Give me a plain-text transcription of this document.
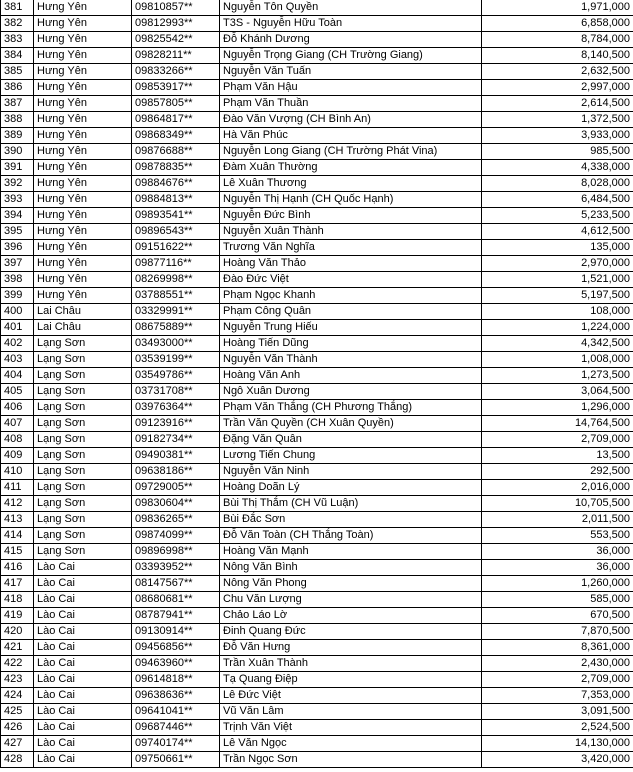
381	Hưng Yên	09810857**	Nguyễn Tôn Quyền	1,971,000
382	Hưng Yên	09812993**	T3S - Nguyễn Hữu Toàn	6,858,000
383	Hưng Yên	09825542**	Đỗ Khánh Dương	8,784,000
384	Hưng Yên	09828211**	Nguyễn Trọng Giang (CH Trường Giang)	8,140,500
385	Hưng Yên	09833266**	Nguyễn Văn Tuấn	2,632,500
386	Hưng Yên	09853917**	Phạm Văn Hậu	2,997,000
387	Hưng Yên	09857805**	Phạm Văn Thuần	2,614,500
388	Hưng Yên	09864817**	Đào Văn Vượng (CH Bình An)	1,372,500
389	Hưng Yên	09868349**	Hà Văn Phúc	3,933,000
390	Hưng Yên	09876688**	Nguyễn Long Giang (CH Trường Phát Vina)	985,500
391	Hưng Yên	09878835**	Đàm Xuân Thường	4,338,000
392	Hưng Yên	09884676**	Lê Xuân Thương	8,028,000
393	Hưng Yên	09884813**	Nguyễn Thị Hạnh (CH Quốc Hạnh)	6,484,500
394	Hưng Yên	09893541**	Nguyễn Đức Bình	5,233,500
395	Hưng Yên	09896543**	Nguyễn Xuân Thành	4,612,500
396	Hưng Yên	09151622**	Trương Văn Nghĩa	135,000
397	Hưng Yên	09877116**	Hoàng Văn Thảo	2,970,000
398	Hưng Yên	08269998**	Đào Đức Việt	1,521,000
399	Hưng Yên	03788551**	Phạm Ngọc Khanh	5,197,500
400	Lai Châu	03329991**	Phạm Công Quân	108,000
401	Lai Châu	08675889**	Nguyễn Trung Hiếu	1,224,000
402	Lạng Sơn	03493000**	Hoàng Tiến Dũng	4,342,500
403	Lạng Sơn	03539199**	Nguyễn Văn Thành	1,008,000
404	Lạng Sơn	03549786**	Hoàng Văn Anh	1,273,500
405	Lạng Sơn	03731708**	Ngô Xuân Dương	3,064,500
406	Lạng Sơn	03976364**	Phạm Văn Thắng (CH Phương Thắng)	1,296,000
407	Lạng Sơn	09123916**	Trần Văn Quyền (CH Xuân Quyền)	14,764,500
408	Lạng Sơn	09182734**	Đặng Văn Quân	2,709,000
409	Lạng Sơn	09490381**	Lương Tiến Chung	13,500
410	Lạng Sơn	09638186**	Nguyễn Văn Ninh	292,500
411	Lạng Sơn	09729005**	Hoàng Doãn Lý	2,016,000
412	Lạng Sơn	09830604**	Bùi Thị Thắm (CH Vũ Luận)	10,705,500
413	Lạng Sơn	09836265**	Bùi Đắc Sơn	2,011,500
414	Lạng Sơn	09874099**	Đỗ Văn Toàn (CH Thắng Toàn)	553,500
415	Lạng Sơn	09896998**	Hoàng Văn Mạnh	36,000
416	Lào Cai	03393952**	Nông Văn Bình	36,000
417	Lào Cai	08147567**	Nông Văn Phong	1,260,000
418	Lào Cai	08680681**	Chu Văn Lượng	585,000
419	Lào Cai	08787941**	Chảo Láo Lờ	670,500
420	Lào Cai	09130914**	Đinh Quang Đức	7,870,500
421	Lào Cai	09456856**	Đỗ Văn Hưng	8,361,000
422	Lào Cai	09463960**	Trần Xuân Thành	2,430,000
423	Lào Cai	09614818**	Tạ Quang Điệp	2,709,000
424	Lào Cai	09638636**	Lê Đức Việt	7,353,000
425	Lào Cai	09641041**	Vũ Văn Lâm	3,091,500
426	Lào Cai	09687446**	Trịnh Văn Việt	2,524,500
427	Lào Cai	09740174**	Lê Văn Ngọc	14,130,000
428	Lào Cai	09750661**	Trần Ngọc Sơn	3,420,000
